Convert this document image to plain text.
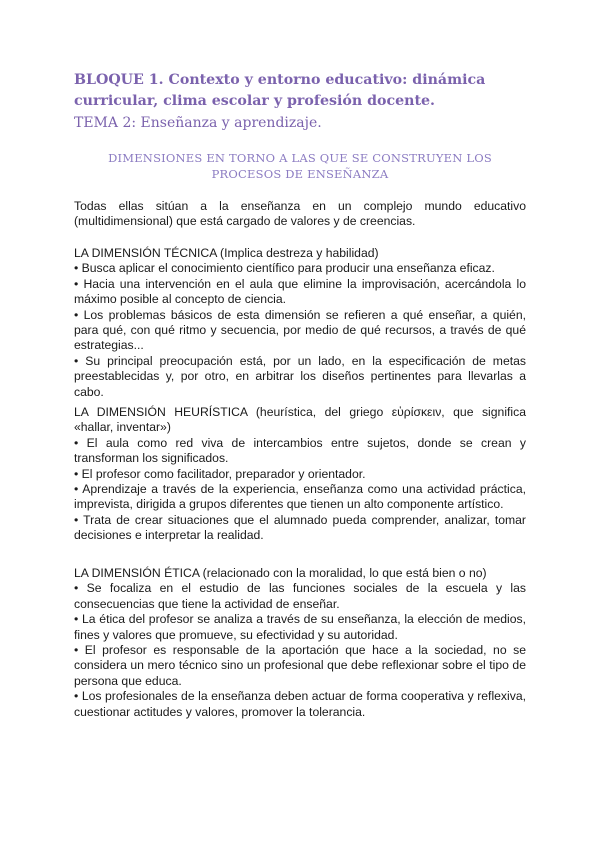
BLOQUE 1. Contexto y entorno educativo: dinámica curricular, clima escolar y profesión docente.
TEMA 2: Enseñanza y aprendizaje.
DIMENSIONES EN TORNO A LAS QUE SE CONSTRUYEN LOS
PROCESOS DE ENSEÑANZA

Todas ellas sitúan a la enseñanza en un complejo mundo educativo (multidimensional) que está cargado de valores y de creencias.

LA DIMENSIÓN TÉCNICA (Implica destreza y habilidad)

• Busca aplicar el conocimiento científico para producir una enseñanza eficaz.

• Hacia una intervención en el aula que elimine la improvisación, acercándola lo máximo posible al concepto de ciencia.

• Los problemas básicos de esta dimensión se refieren a qué enseñar, a quién, para qué, con qué ritmo y secuencia, por medio de qué recursos, a través de qué estrategias...

• Su principal preocupación está, por un lado, en la especificación de metas preestablecidas y, por otro, en arbitrar los diseños pertinentes para llevarlas a cabo.

LA DIMENSIÓN HEURÍSTICA (heurística, del griego εὑρίσκειν, que significa «hallar, inventar»)

• El aula como red viva de intercambios entre sujetos, donde se crean y transforman los significados.

• El profesor como facilitador, preparador y orientador.

• Aprendizaje a través de la experiencia, enseñanza como una actividad práctica, imprevista, dirigida a grupos diferentes que tienen un alto componente artístico.

• Trata de crear situaciones que el alumnado pueda comprender, analizar, tomar decisiones e interpretar la realidad.

LA DIMENSIÓN ÉTICA (relacionado con la moralidad, lo que está bien o no)

• Se focaliza en el estudio de las funciones sociales de la escuela y las consecuencias que tiene la actividad de enseñar.

• La ética del profesor se analiza a través de su enseñanza, la elección de medios, fines y valores que promueve, su efectividad y su autoridad.

• El profesor es responsable de la aportación que hace a la sociedad, no se considera un mero técnico sino un profesional que debe reflexionar sobre el tipo de persona que educa.

• Los profesionales de la enseñanza deben actuar de forma cooperativa y reflexiva, cuestionar actitudes y valores, promover la tolerancia.
